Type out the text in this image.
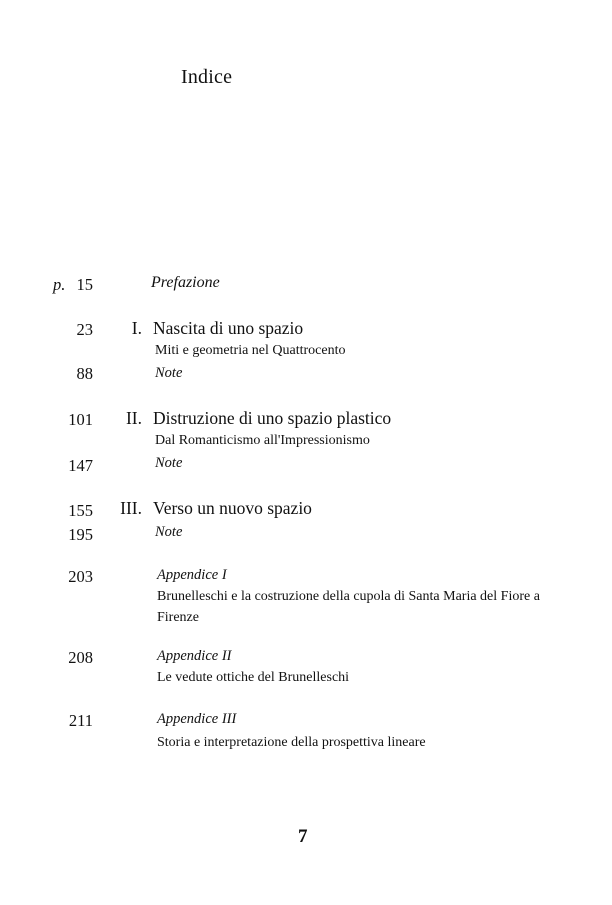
Indice
p. 15	Prefazione
23 I. Nascita di uno spazio
Miti e geometria nel Quattrocento
88	Note
101 II. Distruzione di uno spazio plastico
Dal Romanticismo all'Impressionismo
147	Note
155 III. Verso un nuovo spazio
195	Note
203	Appendice I
Brunelleschi e la costruzione della cupola di Santa Maria del Fiore a Firenze
208	Appendice II
Le vedute ottiche del Brunelleschi
211	Appendice III
Storia e interpretazione della prospettiva lineare
7
